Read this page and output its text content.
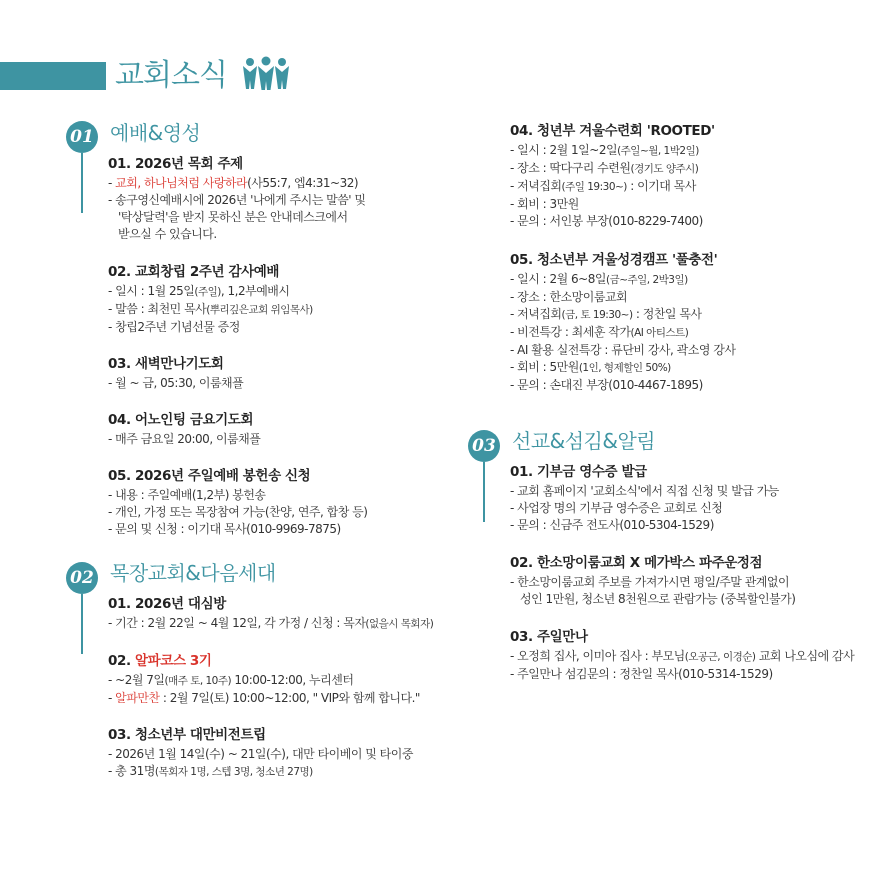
교회소식
01 예배&영성

01. 2026년 목회 주제

- 교회, 하나님처럼 사랑하라(사55:7, 엡4:31~32)

- 송구영신예배시에 2026년 '나에게 주시는 말씀' 및

'탁상달력'을 받지 못하신 분은 안내데스크에서

받으실 수 있습니다.

02. 교회창립 2주년 감사예배

- 일시 : 1월 25일(주일), 1,2부예배시

- 말씀 : 최천민 목사(뿌리깊은교회 위임목사)

- 창립2주년 기념선물 증정

03. 새벽만나기도회

- 월 ~ 금, 05:30, 이룸채플

04. 어노인팅 금요기도회

- 매주 금요일 20:00, 이룸채플

05. 2026년 주일예배 봉헌송 신청

- 내용 : 주일예배(1,2부) 봉헌송

- 개인, 가정 또는 목장참여 가능(찬양, 연주, 합창 등)

- 문의 및 신청 : 이기대 목사(010-9969-7875)

02 목장교회&다음세대

01. 2026년 대심방

- 기간 : 2월 22일 ~ 4월 12일, 각 가정 / 신청 : 목자(없을시 목회자)

02. 알파코스 3기

- ~2월 7일(매주 토, 10주) 10:00-12:00, 누리센터

- 알파만찬 : 2월 7일(토) 10:00~12:00, " VIP와 함께 합니다."

03. 청소년부 대만비전트립

- 2026년 1월 14일(수) ~ 21일(수), 대만 타이베이 및 타이중

- 총 31명(목회자 1명, 스텝 3명, 청소년 27명)

04. 청년부 겨울수련회 'ROOTED'

- 일시 : 2월 1일~2일(주일~월, 1박2일)

- 장소 : 딱다구리 수련원(경기도 양주시)

- 저녁집회(주일 19:30~) : 이기대 목사

- 회비 : 3만원

- 문의 : 서인봉 부장(010-8229-7400)

05. 청소년부 겨울성경캠프 '풀충전'

- 일시 : 2월 6~8일(금~주일, 2박3일)

- 장소 : 한소망이룸교회

- 저녁집회(금, 토 19:30~) : 정찬일 목사

- 비전특강 : 최세훈 작가(AI 아티스트)

- AI 활용 실전특강 : 류단비 강사, 곽소영 강사

- 회비 : 5만원(1인, 형제할인 50%)

- 문의 : 손대진 부장(010-4467-1895)

03 선교&섬김&알림

01. 기부금 영수증 발급

- 교회 홈페이지 '교회소식'에서 직접 신청 및 발급 가능

- 사업장 명의 기부금 영수증은 교회로 신청

- 문의 : 신금주 전도사(010-5304-1529)

02. 한소망이룸교회 X 메가박스 파주운정점

- 한소망이룸교회 주보를 가져가시면 평일/주말 관계없이

성인 1만원, 청소년 8천원으로 관람가능 (중복할인불가)

03. 주일만나

- 오정희 집사, 이미아 집사 : 부모님(오공근, 이경순) 교회 나오심에 감사

- 주일만나 섬김문의 : 정찬일 목사(010-5314-1529)
